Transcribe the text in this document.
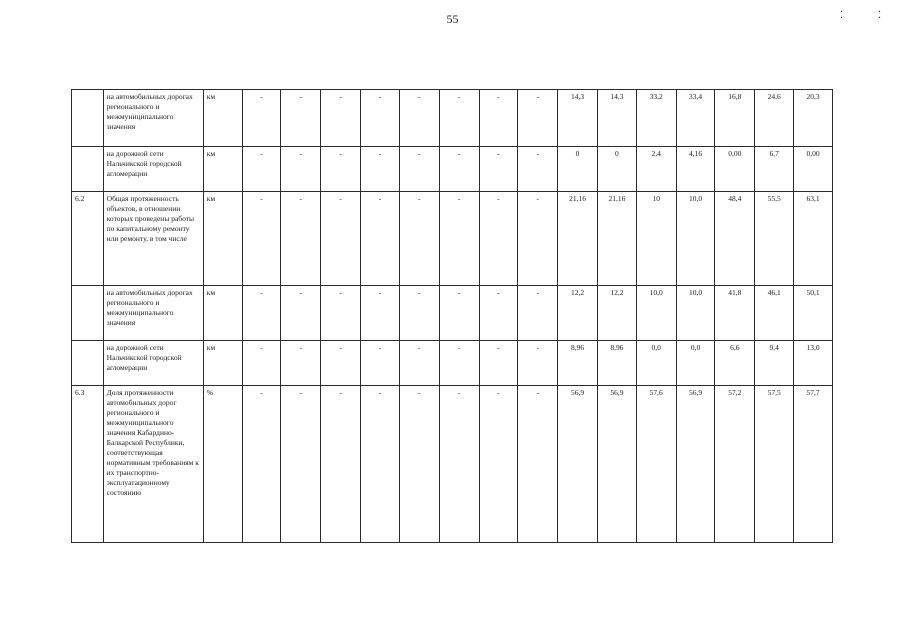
55	⁚	⁚
	на автомобильных дорогах регионального и межмуниципального значения	км	-	-	-	-	-	-	-	-	14,3	14,3	33,2	33,4	16,8	24,6	20,3
	на дорожной сети Нальчикской городской агломерации	км	-	-	-	-	-	-	-	-	0	0	2,4	4,16	0,00	6,7	0,00
6.2	Общая протяженность объектов, в отношении которых проведены работы по капитальному ремонту или ремонту, в том числе	км	-	-	-	-	-	-	-	-	21,16	21,16	10	10,0	48,4	55,5	63,1
	на автомобильных дорогах регионального и межмуниципального значения	км	-	-	-	-	-	-	-	-	12,2	12,2	10,0	10,0	41,8	46,1	50,1
	на дорожной сети Нальчикской городской агломерации	км	-	-	-	-	-	-	-	-	8,96	8,96	0,0	0,0	6,6	9,4	13,0
6.3	Доля протяженности автомобильных дорог регионального и межмуниципального значения Кабардино-Балкарской Республики, соответствующая нормативным требованиям к их транспортно-эксплуатационному состоянию	%	-	-	-	-	-	-	-	-	56,9	56,9	57,6	56,9	57,2	57,5	57,7
